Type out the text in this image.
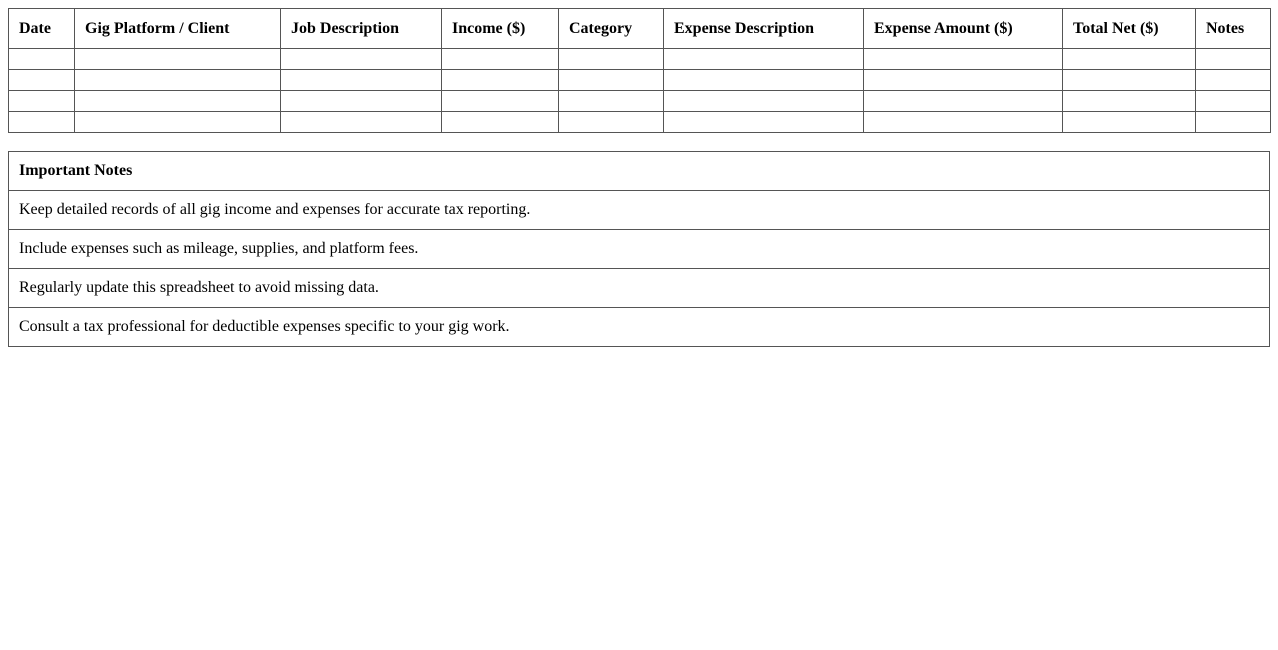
Date	Gig Platform / Client	Job Description	Income ($)	Category	Expense Description	Expense Amount ($)	Total Net ($)	Notes

Important Notes
Keep detailed records of all gig income and expenses for accurate tax reporting.
Include expenses such as mileage, supplies, and platform fees.
Regularly update this spreadsheet to avoid missing data.
Consult a tax professional for deductible expenses specific to your gig work.
